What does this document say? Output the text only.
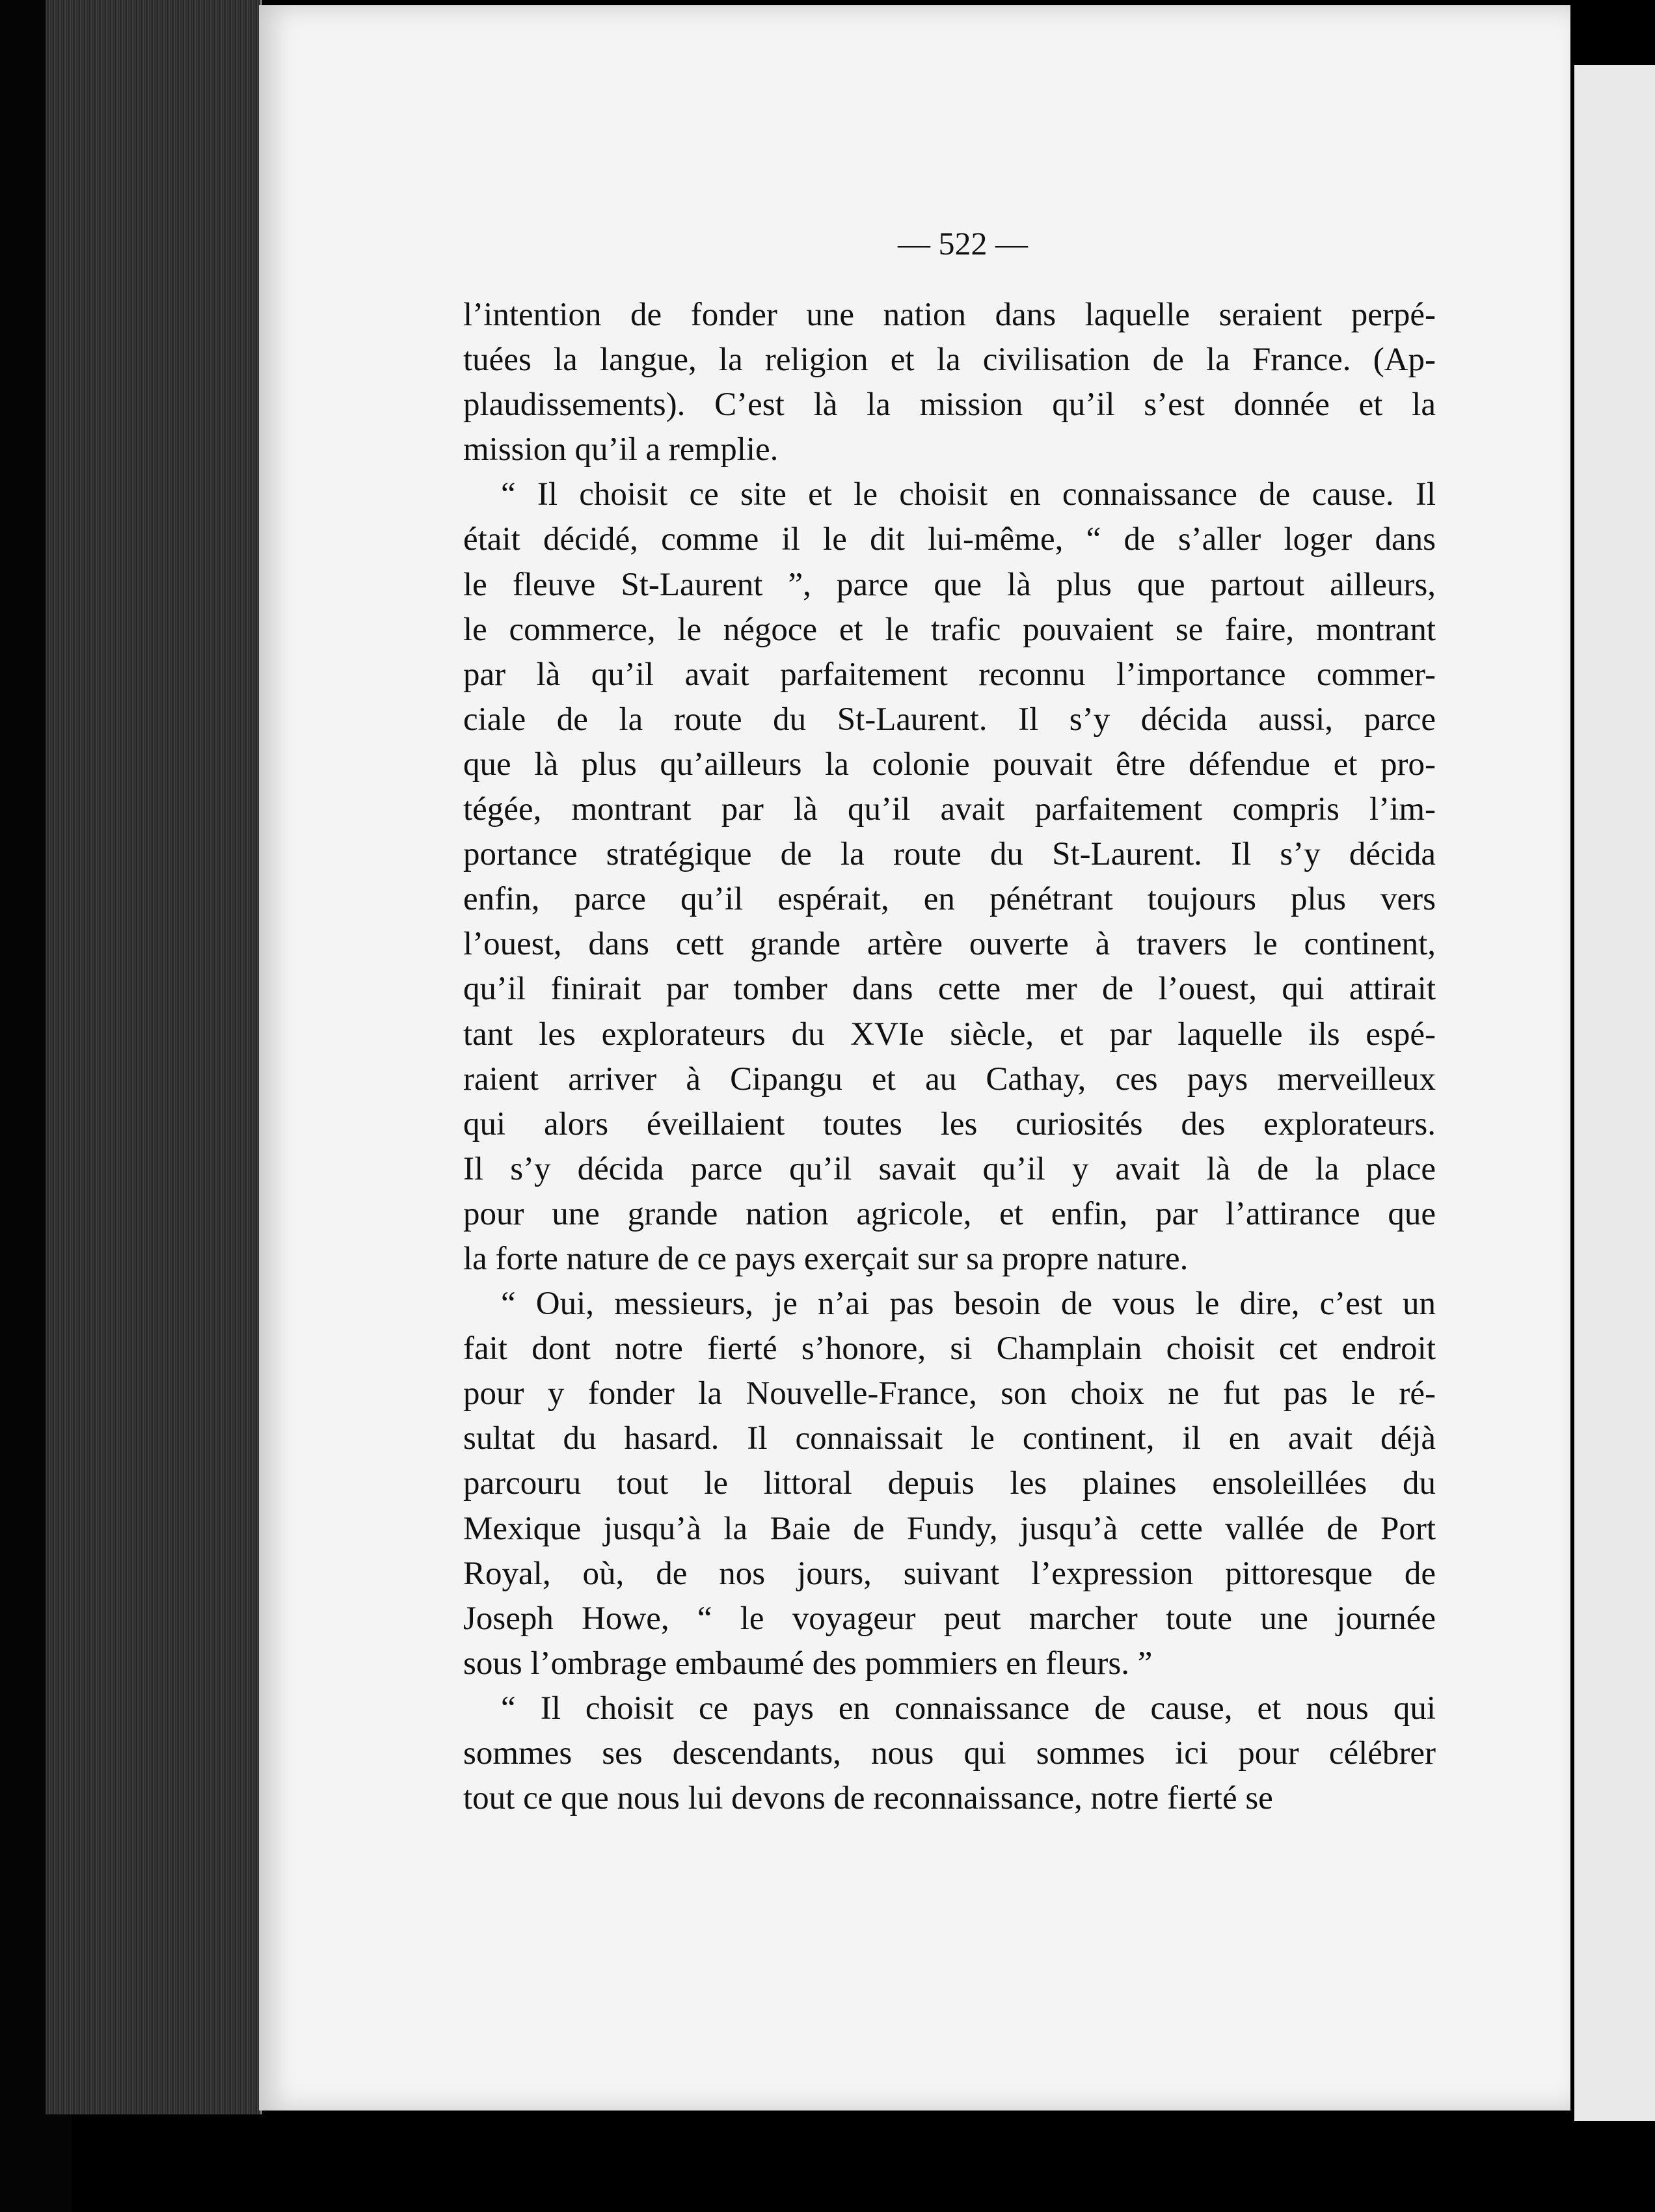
— 522 —
l’intention de fonder une nation dans laquelle seraient perpé-
tuées la langue, la religion et la civilisation de la France. (Ap-
plaudissements). C’est là la mission qu’il s’est donnée et la
mission qu’il a remplie.
“ Il choisit ce site et le choisit en connaissance de cause. Il
était décidé, comme il le dit lui-même, “ de s’aller loger dans
le fleuve St-Laurent ”, parce que là plus que partout ailleurs,
le commerce, le négoce et le trafic pouvaient se faire, montrant
par là qu’il avait parfaitement reconnu l’importance commer-
ciale de la route du St-Laurent. Il s’y décida aussi, parce
que là plus qu’ailleurs la colonie pouvait être défendue et pro-
tégée, montrant par là qu’il avait parfaitement compris l’im-
portance stratégique de la route du St-Laurent. Il s’y décida
enfin, parce qu’il espérait, en pénétrant toujours plus vers
l’ouest, dans cett grande artère ouverte à travers le continent,
qu’il finirait par tomber dans cette mer de l’ouest, qui attirait
tant les explorateurs du XVIe siècle, et par laquelle ils espé-
raient arriver à Cipangu et au Cathay, ces pays merveilleux
qui alors éveillaient toutes les curiosités des explorateurs.
Il s’y décida parce qu’il savait qu’il y avait là de la place
pour une grande nation agricole, et enfin, par l’attirance que
la forte nature de ce pays exerçait sur sa propre nature.
“ Oui, messieurs, je n’ai pas besoin de vous le dire, c’est un
fait dont notre fierté s’honore, si Champlain choisit cet endroit
pour y fonder la Nouvelle-France, son choix ne fut pas le ré-
sultat du hasard. Il connaissait le continent, il en avait déjà
parcouru tout le littoral depuis les plaines ensoleillées du
Mexique jusqu’à la Baie de Fundy, jusqu’à cette vallée de Port
Royal, où, de nos jours, suivant l’expression pittoresque de
Joseph Howe, “ le voyageur peut marcher toute une journée
sous l’ombrage embaumé des pommiers en fleurs. ”
“ Il choisit ce pays en connaissance de cause, et nous qui
sommes ses descendants, nous qui sommes ici pour célébrer
tout ce que nous lui devons de reconnaissance, notre fierté se
